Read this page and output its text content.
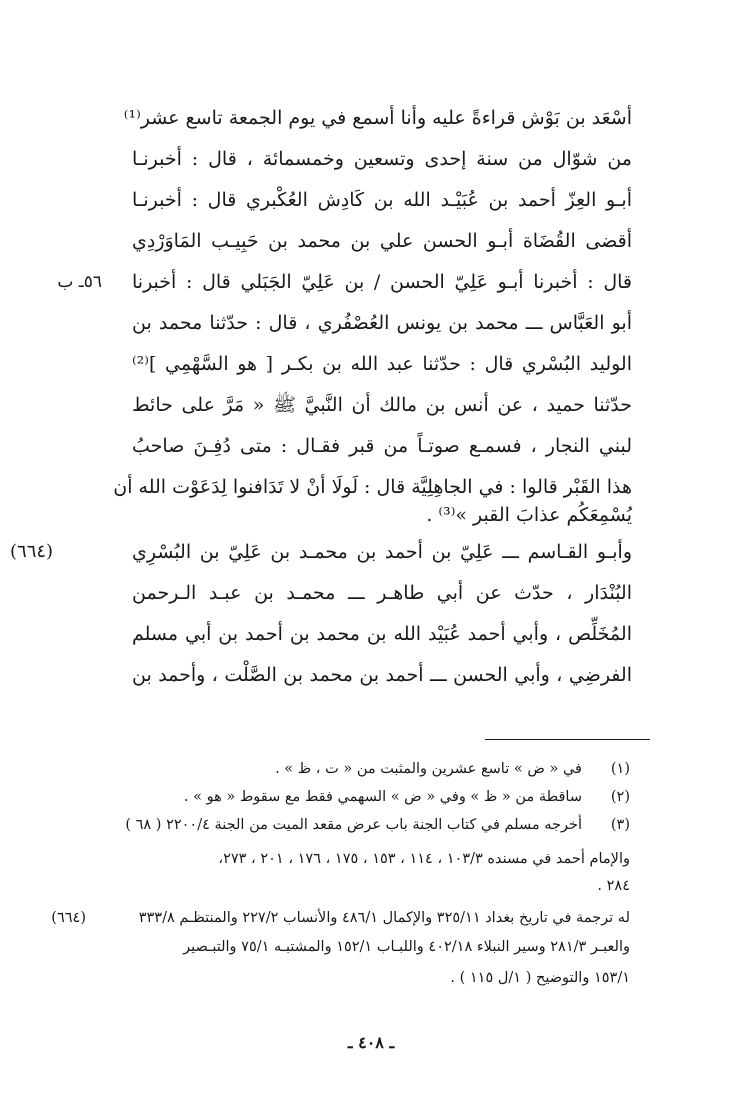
٥٦ـ ب
(٦٦٤)
أسْعَد بن بَوْش قراءةً عليه وأنا أسمع في يوم الجمعة تاسع عشر⁽¹⁾
من شوّال من سنة إحدى وتسعين وخمسمائة ، قال : أخبرنـا
أبـو العِزّ أحمد بن عُبَيْـد الله بن كَادِش العُكْبري قال : أخبرنـا
أقضى القُضَاة أبـو الحسن علي بن محمد بن حَبِيـب المَاوَرْدِي
قال : أخبرنا أبـو عَلِيّ الحسن / بن عَلِيّ الجَبَلي قال : أخبرنا
أبو العَبَّاس ـــ محمد بن يونس العُصْفُري ، قال : حدّثنا محمد بن
الوليد البُسْري قال : حدّثنا عبد الله بن بكـر [ هو السَّهْمِي ]⁽²⁾
حدّثنا حميد ، عن أنس بن مالك أن النَّبيَّ ﷺ « مَرَّ على حائط
لبني النجار ، فسمـع صوتـاً من قبر فقـال : متى دُفِـنَ صاحبُ
هذا القَبْر قالوا : في الجاهِلِيَّة قال : لَولَا أنْ لا تَدَافنوا لِدَعَوْت الله أن
يُسْمِعَكُم عذابَ القبر »⁽³⁾ .
وأبـو القـاسم ـــ عَلِيّ بن أحمد بن محمـد بن عَلِيّ بن البُسْرِي
البُنْدَار ، حدّث عن أبي طاهـر ـــ محمـد بن عبـد الـرحمن
المُخَلِّص ، وأبي أحمد عُبَيْد الله بن محمد بن أحمد بن أبي مسلم
الفرضِي ، وأبي الحسن ـــ أحمد بن محمد بن الصَّلْت ، وأحمد بن
(١)
في « ض » تاسع عشرين والمثبت من « ت ، ظ » .
(٢)
ساقطة من « ظ » وفي « ض » السهمي فقط مع سقوط « هو » .
(٣)
أخرجه مسلم في كتاب الجنة باب عرض مقعد الميت من الجنة ٢٢٠٠/٤ ( ٦٨ )
والإمام أحمد في مسنده ١٠٣/٣ ، ١١٤ ، ١٥٣ ، ١٧٥ ، ١٧٦ ، ٢٠١ ، ٢٧٣،
٢٨٤ .
(٦٦٤)	له ترجمة في تاريخ بغداد ٣٢٥/١١ والإكمال ٤٨٦/١ والأنساب ٢٢٧/٢ والمنتظـم ٣٣٣/٨
والعبـر ٢٨١/٣ وسير النبلاء ٤٠٢/١٨ واللبـاب ١٥٢/١ والمشتبـه ٧٥/١ والتبـصير
١٥٣/١ والتوضيح ( ١/ل ١١٥ ) .
ـ ٤٠٨ ـ
